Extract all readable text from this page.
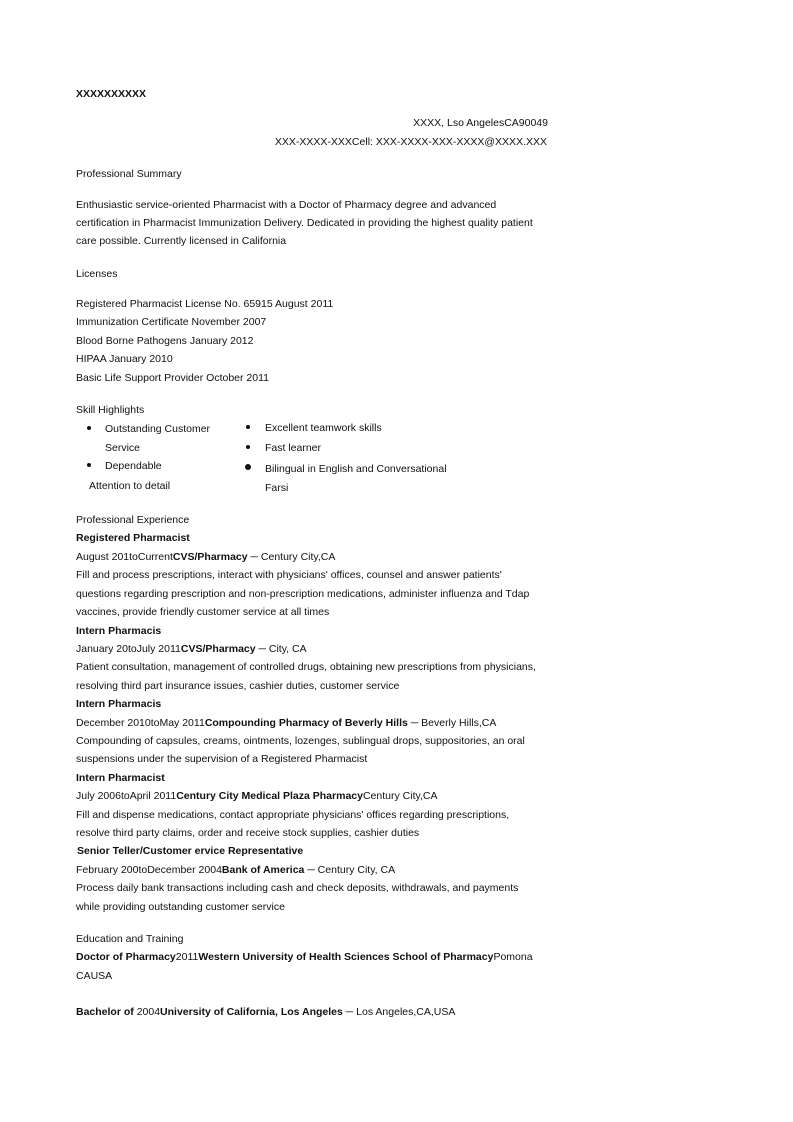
XXXXXXXXXX
XXXX, Lso AngelesCA90049
XXX-XXXX-XXXCell: XXX-XXXX-XXX-XXXX@XXXX.XXX
Professional Summary
Enthusiastic service-oriented Pharmacist with a Doctor of Pharmacy degree and advanced
certification in Pharmacist Immunization Delivery. Dedicated in providing the highest quality patient
care possible. Currently licensed in California
Licenses
Registered Pharmacist License No. 65915 August 2011
Immunization Certificate November 2007
Blood Borne Pathogens January 2012
HIPAA January 2010
Basic Life Support Provider October 2011
Skill Highlights
Outstanding Customer
Service
Dependable
Attention to detail
Excellent teamwork skills
Fast learner
Bilingual in English and Conversational
Farsi
Professional Experience
Registered Pharmacist
August 201toCurrentCVS/Pharmacy ─ Century City,CA
Fill and process prescriptions, interact with physicians' offices, counsel and answer patients'
questions regarding prescription and non-prescription medications, administer influenza and Tdap
vaccines, provide friendly customer service at all times
Intern Pharmacis
January 20toJuly 2011CVS/Pharmacy ─ City, CA
Patient consultation, management of controlled drugs, obtaining new prescriptions from physicians,
resolving third part insurance issues, cashier duties, customer service
Intern Pharmacis
December 2010toMay 2011Compounding Pharmacy of Beverly Hills ─ Beverly Hills,CA
Compounding of capsules, creams, ointments, lozenges, sublingual drops, suppositories, an oral
suspensions under the supervision of a Registered Pharmacist
Intern Pharmacist
July 2006toApril 2011Century City Medical Plaza PharmacyCentury City,CA
Fill and dispense medications, contact appropriate physicians' offices regarding prescriptions,
resolve third party claims, order and receive stock supplies, cashier duties
Senior Teller/Customer ervice Representative
February 200toDecember 2004Bank of America ─ Century City, CA
Process daily bank transactions including cash and check deposits, withdrawals, and payments
while providing outstanding customer service
Education and Training
Doctor of Pharmacy2011Western University of Health Sciences School of PharmacyPomona
CAUSA
Bachelor of 2004University of California, Los Angeles ─ Los Angeles,CA,USA
